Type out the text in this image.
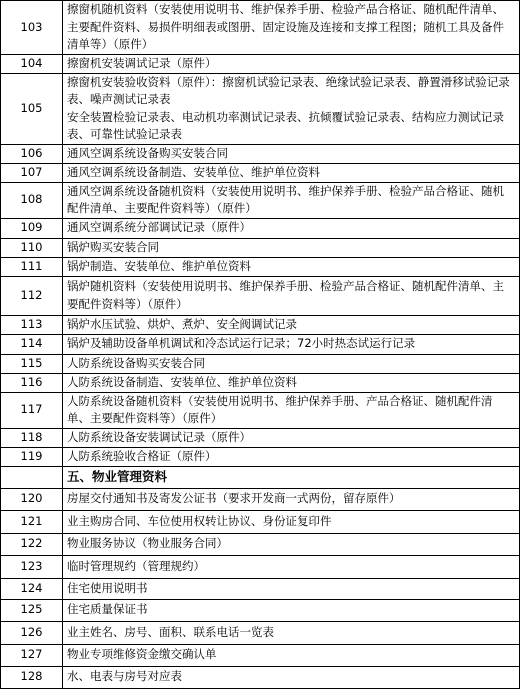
103	擦窗机随机资料（安装使用说明书、维护保养手册、检验产品合格证、随机配件清单、主要配件资料、易损件明细表或图册、固定设施及连接和支撑工程图；随机工具及备件清单等）（原件）
104	擦窗机安装调试记录（原件）
105	擦窗机安装验收资料（原件）：擦窗机试验记录表、绝缘试验记录表、静置滑移试验记录表、噪声测试记录表
安全装置检验记录表、电动机功率测试记录表、抗倾覆试验记录表、结构应力测试记录表、可靠性试验记录表
106	通风空调系统设备购买安装合同
107	通风空调系统设备制造、安装单位、维护单位资料
108	通风空调系统设备随机资料（安装使用说明书、维护保养手册、检验产品合格证、随机配件清单、主要配件资料等）（原件）
109	通风空调系统分部调试记录（原件）
110	锅炉购买安装合同
111	锅炉制造、安装单位、维护单位资料
112	锅炉随机资料（安装使用说明书、维护保养手册、检验产品合格证、随机配件清单、主要配件资料等）（原件）
113	锅炉水压试验、烘炉、煮炉、安全阀调试记录
114	锅炉及辅助设备单机调试和冷态试运行记录；72小时热态试运行记录
115	人防系统设备购买安装合同
116	人防系统设备制造、安装单位、维护单位资料
117	人防系统设备随机资料（安装使用说明书、维护保养手册、产品合格证、随机配件清单、主要配件资料等）（原件）
118	人防系统设备安装调试记录（原件）
119	人防系统验收合格证（原件）
	五、物业管理资料
120	房屋交付通知书及寄发公证书（要求开发商一式两份，留存原件）
121	业主购房合同、车位使用权转让协议、身份证复印件
122	物业服务协议（物业服务合同）
123	临时管理规约（管理规约）
124	住宅使用说明书
125	住宅质量保证书
126	业主姓名、房号、面积、联系电话一览表
127	物业专项维修资金缴交确认单
128	水、电表与房号对应表
